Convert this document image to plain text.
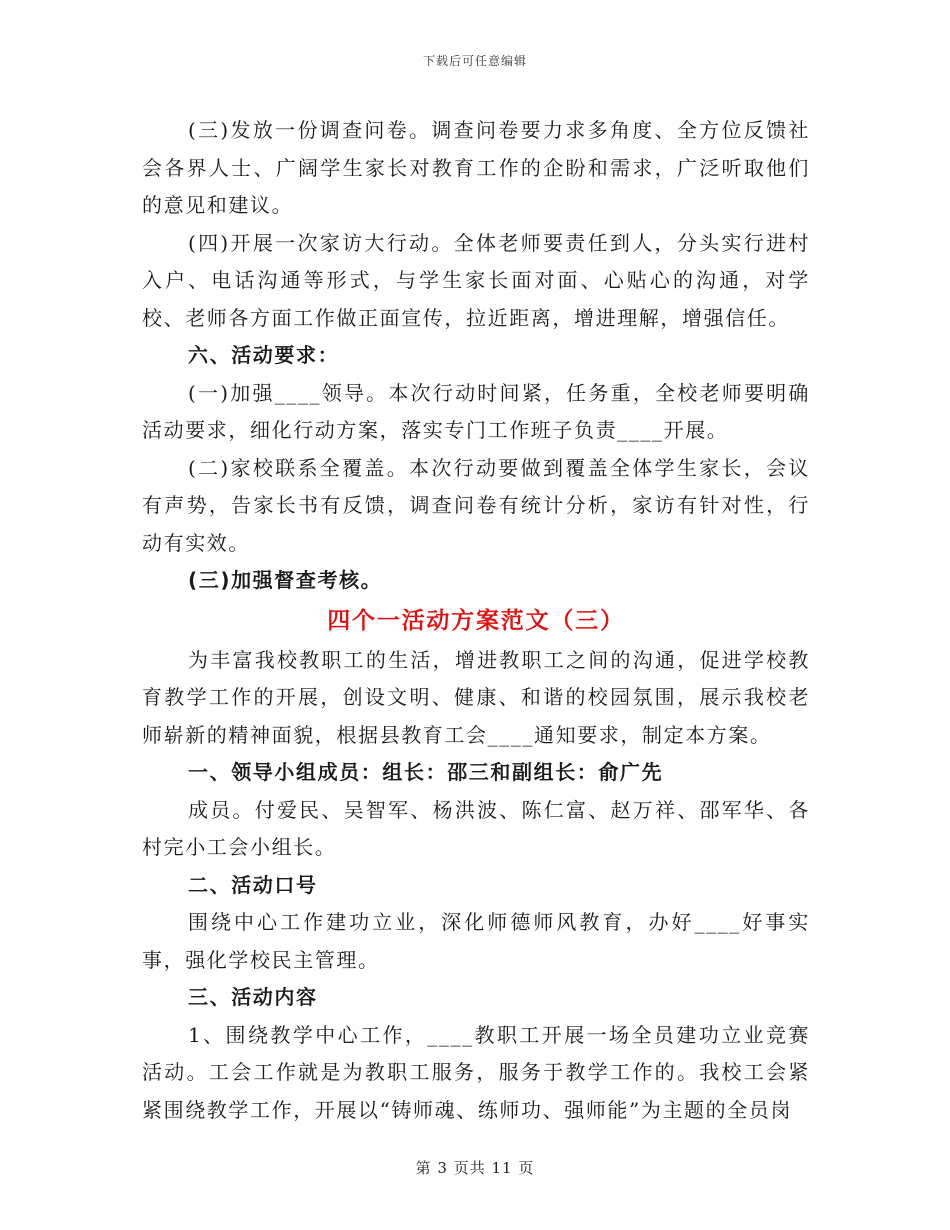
下载后可任意编辑

(三)发放一份调查问卷。调查问卷要力求多角度、全方位反馈社会各界人士、广阔学生家长对教育工作的企盼和需求，广泛听取他们的意见和建议。

(四)开展一次家访大行动。全体老师要责任到人，分头实行进村入户、电话沟通等形式，与学生家长面对面、心贴心的沟通，对学校、老师各方面工作做正面宣传，拉近距离，增进理解，增强信任。

六、活动要求：

(一)加强____领导。本次行动时间紧，任务重，全校老师要明确活动要求，细化行动方案，落实专门工作班子负责____开展。

(二)家校联系全覆盖。本次行动要做到覆盖全体学生家长，会议有声势，告家长书有反馈，调查问卷有统计分析，家访有针对性，行动有实效。

(三)加强督查考核。

四个一活动方案范文（三）

为丰富我校教职工的生活，增进教职工之间的沟通，促进学校教育教学工作的开展，创设文明、健康、和谐的校园氛围，展示我校老师崭新的精神面貌，根据县教育工会____通知要求，制定本方案。

一、领导小组成员：组长：邵三和副组长：俞广先

成员。付爱民、吴智军、杨洪波、陈仁富、赵万祥、邵军华、各村完小工会小组长。

二、活动口号

围绕中心工作建功立业，深化师德师风教育，办好____好事实事，强化学校民主管理。

三、活动内容

1、围绕教学中心工作，____教职工开展一场全员建功立业竞赛活动。工会工作就是为教职工服务，服务于教学工作的。我校工会紧紧围绕教学工作，开展以“铸师魂、练师功、强师能”为主题的全员岗

第 3 页共 11 页
